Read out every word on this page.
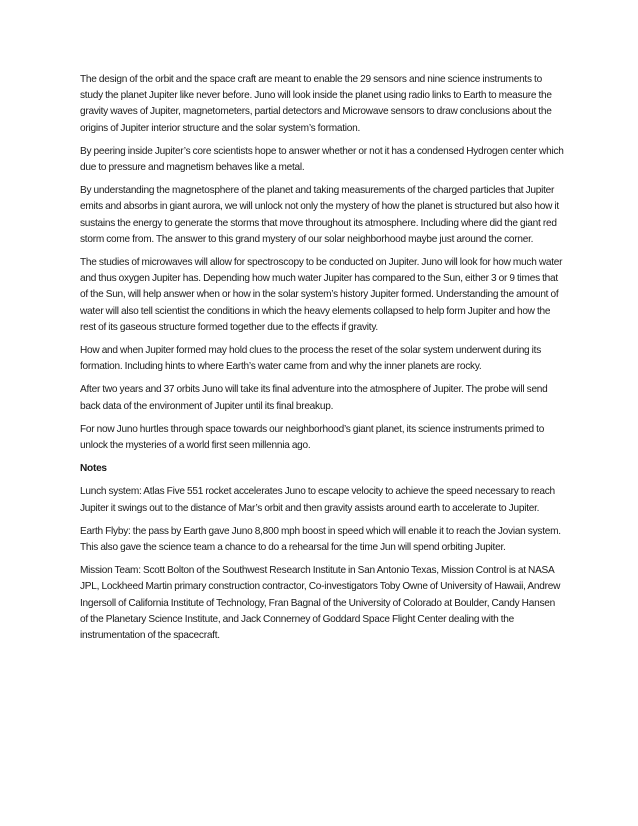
The design of the orbit and the space craft are meant to enable the 29 sensors and nine science instruments to study the planet Jupiter like never before. Juno will look inside the planet using radio links to Earth to measure the gravity waves of Jupiter, magnetometers, partial detectors and Microwave sensors to draw conclusions about the origins of Jupiter interior structure and the solar system’s formation.

By peering inside Jupiter’s core scientists hope to answer whether or not it has a condensed Hydrogen center which due to pressure and magnetism behaves like a metal.

By understanding the magnetosphere of the planet and taking measurements of the charged particles that Jupiter emits and absorbs in giant aurora, we will unlock not only the mystery of how the planet is structured but also how it sustains the energy to generate the storms that move throughout its atmosphere. Including where did the giant red storm come from. The answer to this grand mystery of our solar neighborhood maybe just around the corner.

The studies of microwaves will allow for spectroscopy to be conducted on Jupiter. Juno will look for how much water and thus oxygen Jupiter has. Depending how much water Jupiter has compared to the Sun, either 3 or 9 times that of the Sun, will help answer when or how in the solar system’s history Jupiter formed. Understanding the amount of water will also tell scientist the conditions in which the heavy elements collapsed to help form Jupiter and how the rest of its gaseous structure formed together due to the effects if gravity.

How and when Jupiter formed may hold clues to the process the reset of the solar system underwent during its formation. Including hints to where Earth’s water came from and why the inner planets are rocky.

After two years and 37 orbits Juno will take its final adventure into the atmosphere of Jupiter. The probe will send back data of the environment of Jupiter until its final breakup.

For now Juno hurtles through space towards our neighborhood’s giant planet, its science instruments primed to unlock the mysteries of a world first seen millennia ago.

Notes

Lunch system: Atlas Five 551 rocket accelerates Juno to escape velocity to achieve the speed necessary to reach Jupiter it swings out to the distance of Mar’s orbit and then gravity assists around earth to accelerate to Jupiter.

Earth Flyby: the pass by Earth gave Juno 8,800 mph boost in speed which will enable it to reach the Jovian system. This also gave the science team a chance to do a rehearsal for the time Jun will spend orbiting Jupiter.

Mission Team: Scott Bolton of the Southwest Research Institute in San Antonio Texas, Mission Control is at NASA JPL, Lockheed Martin primary construction contractor, Co-investigators Toby Owne of University of Hawaii, Andrew Ingersoll of California Institute of Technology, Fran Bagnal of the University of Colorado at Boulder, Candy Hansen of the Planetary Science Institute, and Jack Connerney of Goddard Space Flight Center dealing with the instrumentation of the spacecraft.
